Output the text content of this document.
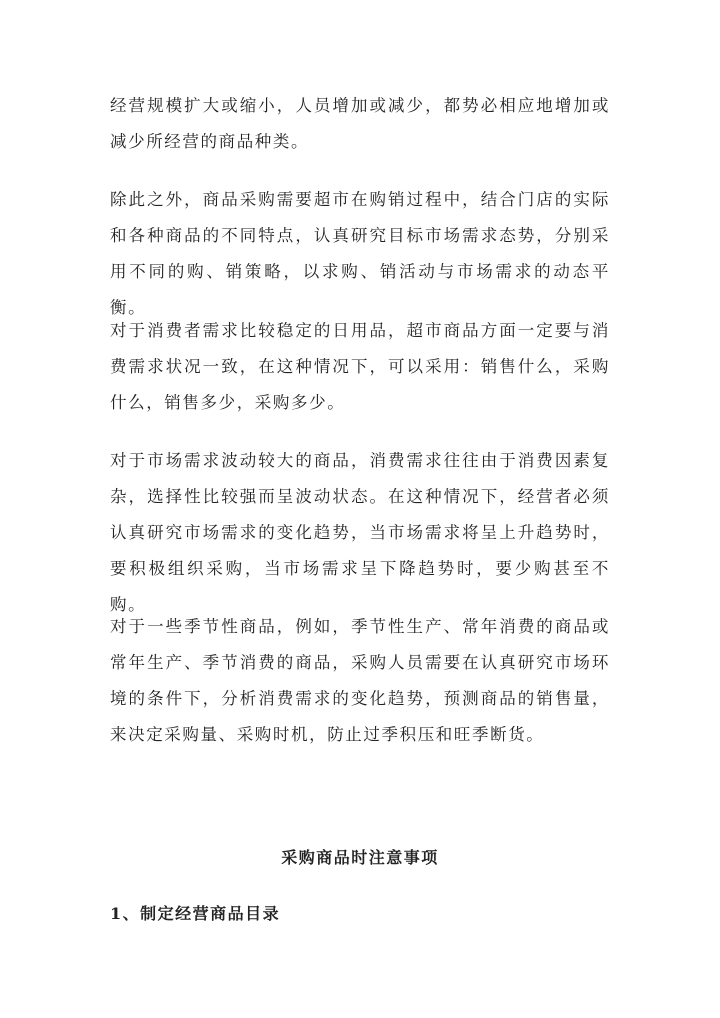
经营规模扩大或缩小，人员增加或减少，都势必相应地增加或减少所经营的商品种类。

除此之外，商品采购需要超市在购销过程中，结合门店的实际和各种商品的不同特点，认真研究目标市场需求态势，分别采用不同的购、销策略，以求购、销活动与市场需求的动态平衡。

对于消费者需求比较稳定的日用品，超市商品方面一定要与消费需求状况一致，在这种情况下，可以采用：销售什么，采购什么，销售多少，采购多少。

对于市场需求波动较大的商品，消费需求往往由于消费因素复杂，选择性比较强而呈波动状态。在这种情况下，经营者必须认真研究市场需求的变化趋势，当市场需求将呈上升趋势时，要积极组织采购，当市场需求呈下降趋势时，要少购甚至不购。

对于一些季节性商品，例如，季节性生产、常年消费的商品或常年生产、季节消费的商品，采购人员需要在认真研究市场环境的条件下，分析消费需求的变化趋势，预测商品的销售量，来决定采购量、采购时机，防止过季积压和旺季断货。

采购商品时注意事项
1、制定经营商品目录
